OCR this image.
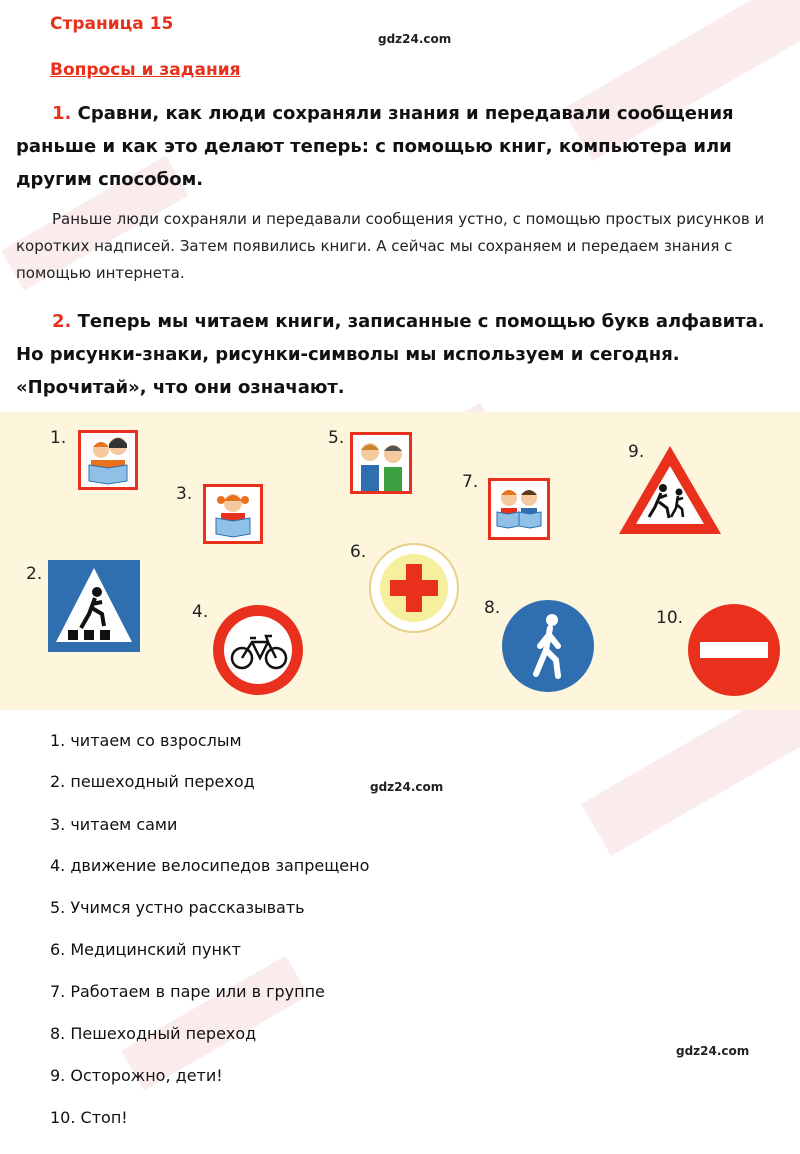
Страница 15
gdz24.com
Вопросы и задания
1. Сравни, как люди сохраняли знания и передавали сообщения раньше и как это делают теперь: с помощью книг, компьютера или другим способом.
Раньше люди сохраняли и передавали сообщения устно, с помощью простых рисунков и коротких надписей. Затем появились книги. А сейчас мы сохраняем и передаем знания с помощью интернета.
2. Теперь мы читаем книги, записанные с помощью букв алфавита. Но рисунки-знаки, рисунки-символы мы используем и сегодня. «Прочитай», что они означают.
1.
3.
5.
7.
9.
2.
6.
4.	8.	10.
1. читаем со взрослым
2. пешеходный переход	gdz24.com
3. читаем сами
4. движение велосипедов запрещено
5. Учимся устно рассказывать
6. Медицинский пункт
7. Работаем в паре или в группе
8. Пешеходный переход
gdz24.com
9. Осторожно, дети!
10. Стоп!
